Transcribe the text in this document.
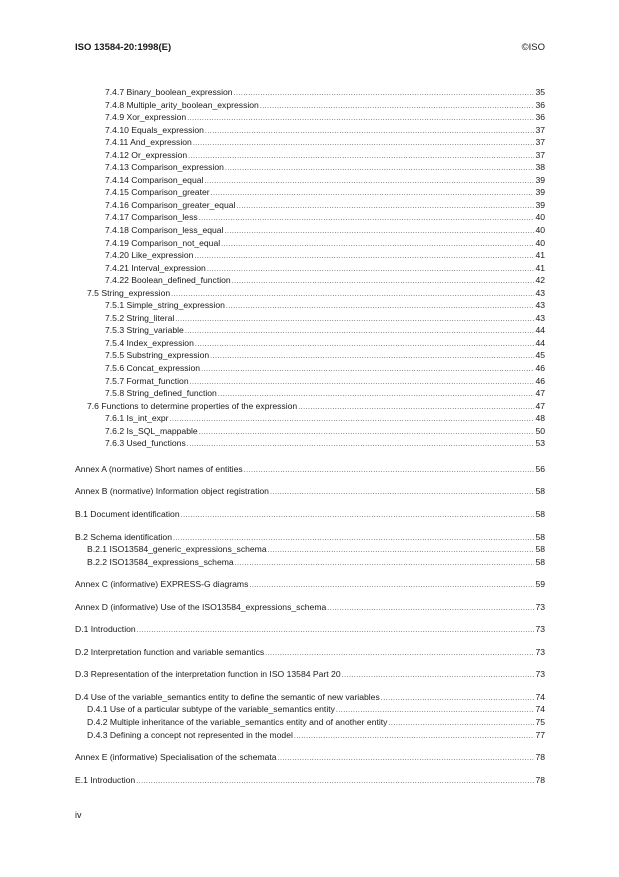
ISO 13584-20:1998(E)	©ISO
7.4.7 Binary_boolean_expression .....	35
7.4.8 Multiple_arity_boolean_expression .....	36
7.4.9 Xor_expression .....	36
7.4.10 Equals_expression .....	37
7.4.11 And_expression .....	37
7.4.12 Or_expression .....	37
7.4.13 Comparison_expression .....	38
7.4.14 Comparison_equal .....	39
7.4.15 Comparison_greater .....	39
7.4.16 Comparison_greater_equal .....	39
7.4.17 Comparison_less .....	40
7.4.18 Comparison_less_equal .....	40
7.4.19 Comparison_not_equal .....	40
7.4.20 Like_expression .....	41
7.4.21 Interval_expression .....	41
7.4.22 Boolean_defined_function .....	42
7.5 String_expression .....	43
7.5.1 Simple_string_expression .....	43
7.5.2 String_literal .....	43
7.5.3 String_variable .....	44
7.5.4 Index_expression .....	44
7.5.5 Substring_expression .....	45
7.5.6 Concat_expression .....	46
7.5.7 Format_function .....	46
7.5.8 String_defined_function .....	47
7.6 Functions to determine properties of the expression .....	47
7.6.1 Is_int_expr .....	48
7.6.2 Is_SQL_mappable .....	50
7.6.3 Used_functions .....	53
Annex A (normative) Short names of entities .....	56
Annex B (normative) Information object registration .....	58
B.1 Document identification .....	58
B.2 Schema identification .....	58
B.2.1 ISO13584_generic_expressions_schema .....	58
B.2.2 ISO13584_expressions_schema .....	58
Annex C (informative) EXPRESS-G diagrams .....	59
Annex D (informative) Use of the ISO13584_expressions_schema .....	73
D.1 Introduction .....	73
D.2 Interpretation function and variable semantics .....	73
D.3 Representation of the interpretation function in ISO 13584 Part 20 .....	73
D.4 Use of the variable_semantics entity to define the semantic of new variables .....	74
D.4.1 Use of a particular subtype of the variable_semantics entity .....	74
D.4.2 Multiple inheritance of the variable_semantics entity and of another entity .....	75
D.4.3 Defining a concept not represented in the model .....	77
Annex E (informative) Specialisation of the schemata .....	78
E.1 Introduction .....	78
iv
